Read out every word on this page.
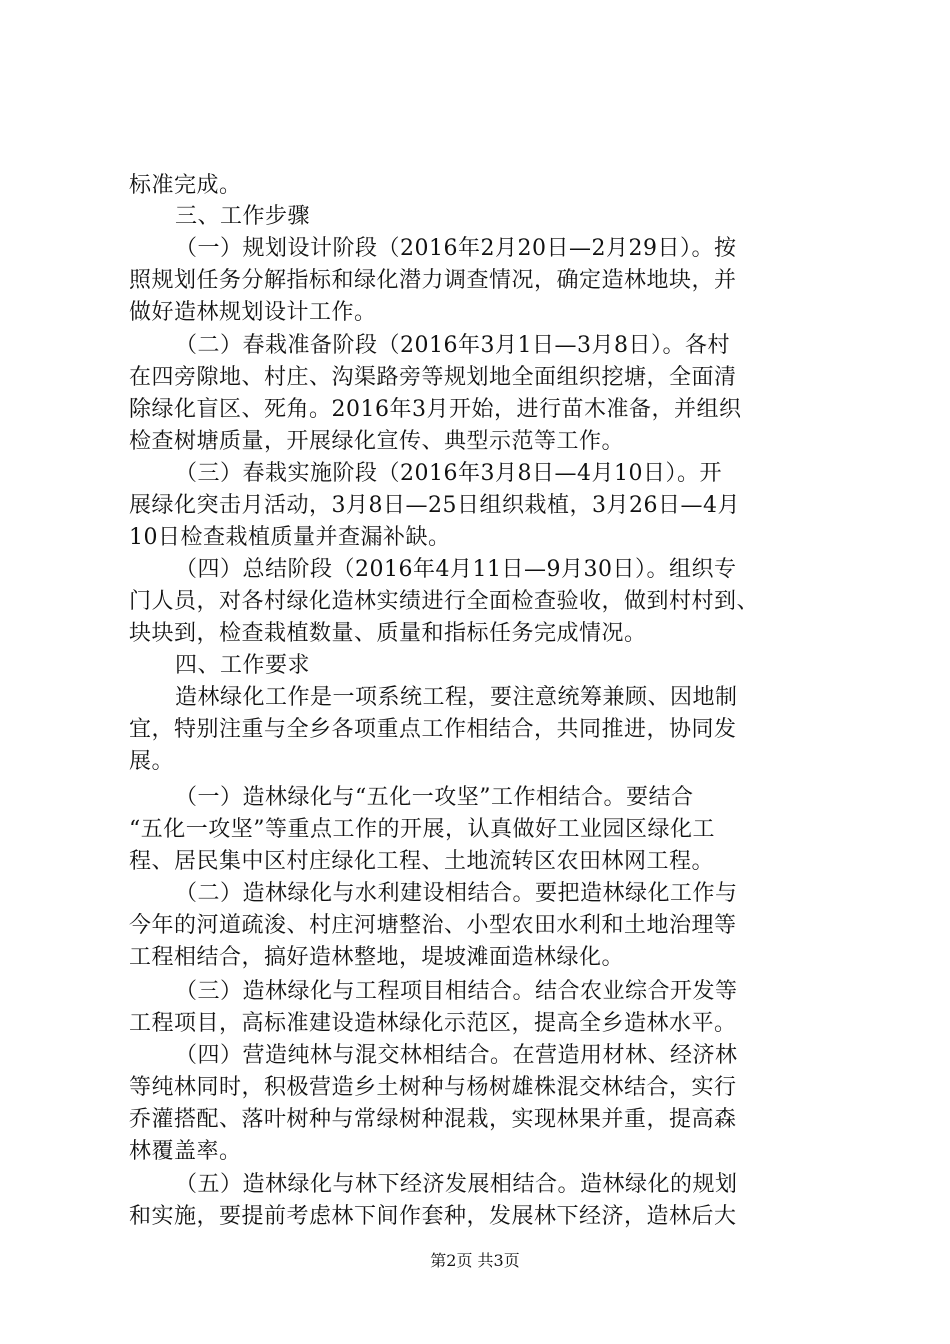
标准完成。
三、工作步骤
（一）规划设计阶段（2016年2月20日—2月29日）。按
照规划任务分解指标和绿化潜力调查情况，确定造林地块，并
做好造林规划设计工作。
（二）春栽准备阶段（2016年3月1日—3月8日）。各村
在四旁隙地、村庄、沟渠路旁等规划地全面组织挖塘，全面清
除绿化盲区、死角。2016年3月开始，进行苗木准备，并组织
检查树塘质量，开展绿化宣传、典型示范等工作。
（三）春栽实施阶段（2016年3月8日—4月10日）。开
展绿化突击月活动，3月8日—25日组织栽植，3月26日—4月
10日检查栽植质量并查漏补缺。
（四）总结阶段（2016年4月11日—9月30日）。组织专
门人员，对各村绿化造林实绩进行全面检查验收，做到村村到、
块块到，检查栽植数量、质量和指标任务完成情况。
四、工作要求
造林绿化工作是一项系统工程，要注意统筹兼顾、因地制
宜，特别注重与全乡各项重点工作相结合，共同推进，协同发
展。
（一）造林绿化与“五化一攻坚”工作相结合。要结合
“五化一攻坚”等重点工作的开展，认真做好工业园区绿化工
程、居民集中区村庄绿化工程、土地流转区农田林网工程。
（二）造林绿化与水利建设相结合。要把造林绿化工作与
今年的河道疏浚、村庄河塘整治、小型农田水利和土地治理等
工程相结合，搞好造林整地，堤坡滩面造林绿化。
（三）造林绿化与工程项目相结合。结合农业综合开发等
工程项目，高标准建设造林绿化示范区，提高全乡造林水平。
（四）营造纯林与混交林相结合。在营造用材林、经济林
等纯林同时，积极营造乡土树种与杨树雄株混交林结合，实行
乔灌搭配、落叶树种与常绿树种混栽，实现林果并重，提高森
林覆盖率。
（五）造林绿化与林下经济发展相结合。造林绿化的规划
和实施，要提前考虑林下间作套种，发展林下经济，造林后大
第2页 共3页
